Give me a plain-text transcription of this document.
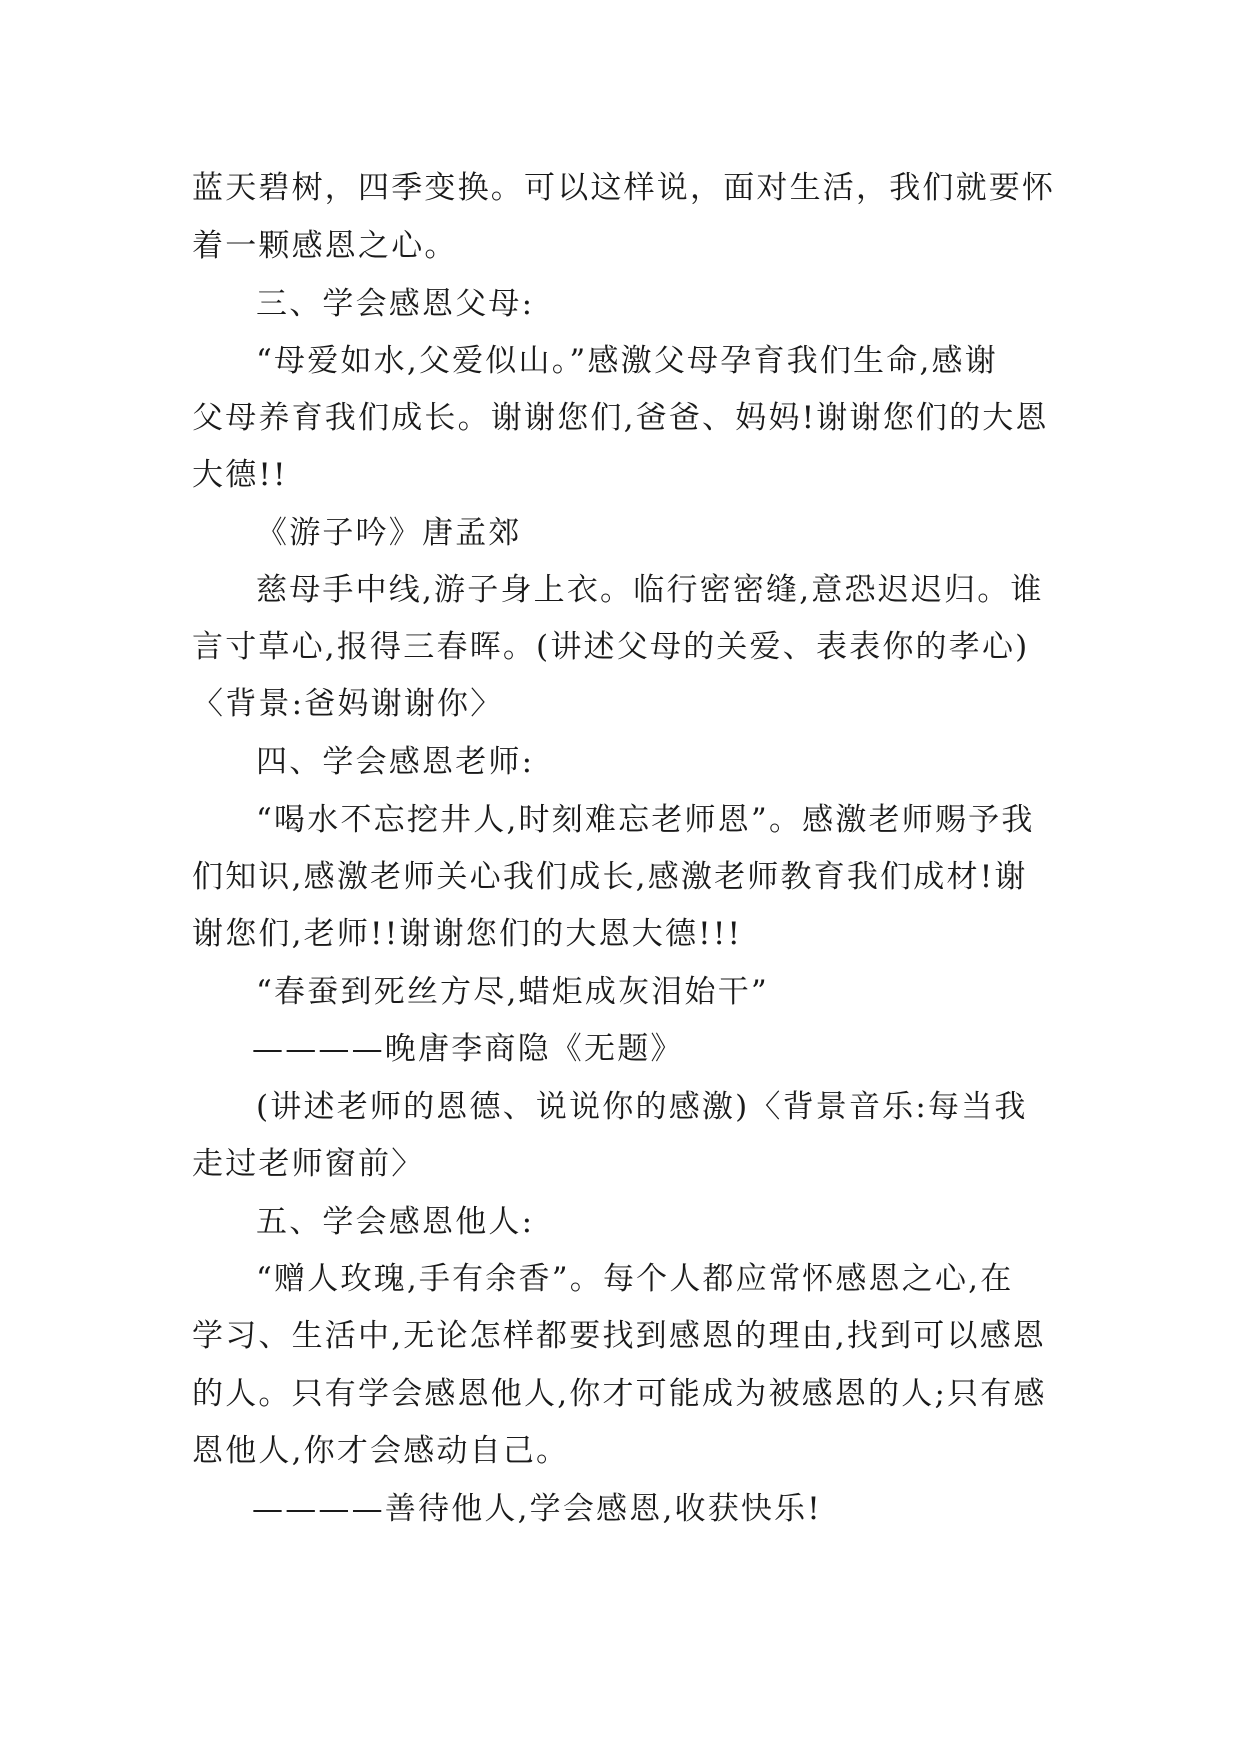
蓝天碧树，四季变换。可以这样说，面对生活，我们就要怀
着一颗感恩之心。
三、学会感恩父母:
“母爱如水,父爱似山。”感激父母孕育我们生命,感谢
父母养育我们成长。谢谢您们,爸爸、妈妈!谢谢您们的大恩
大德!!
《游子吟》唐孟郊
慈母手中线,游子身上衣。临行密密缝,意恐迟迟归。谁
言寸草心,报得三春晖。(讲述父母的关爱、表表你的孝心)
〈背景:爸妈谢谢你〉
四、学会感恩老师:
“喝水不忘挖井人,时刻难忘老师恩”。感激老师赐予我
们知识,感激老师关心我们成长,感激老师教育我们成材!谢
谢您们,老师!!谢谢您们的大恩大德!!!
“春蚕到死丝方尽,蜡炬成灰泪始干”
————晚唐李商隐《无题》
(讲述老师的恩德、说说你的感激)〈背景音乐:每当我
走过老师窗前〉
五、学会感恩他人:
“赠人玫瑰,手有余香”。每个人都应常怀感恩之心,在
学习、生活中,无论怎样都要找到感恩的理由,找到可以感恩
的人。只有学会感恩他人,你才可能成为被感恩的人;只有感
恩他人,你才会感动自己。
————善待他人,学会感恩,收获快乐!
